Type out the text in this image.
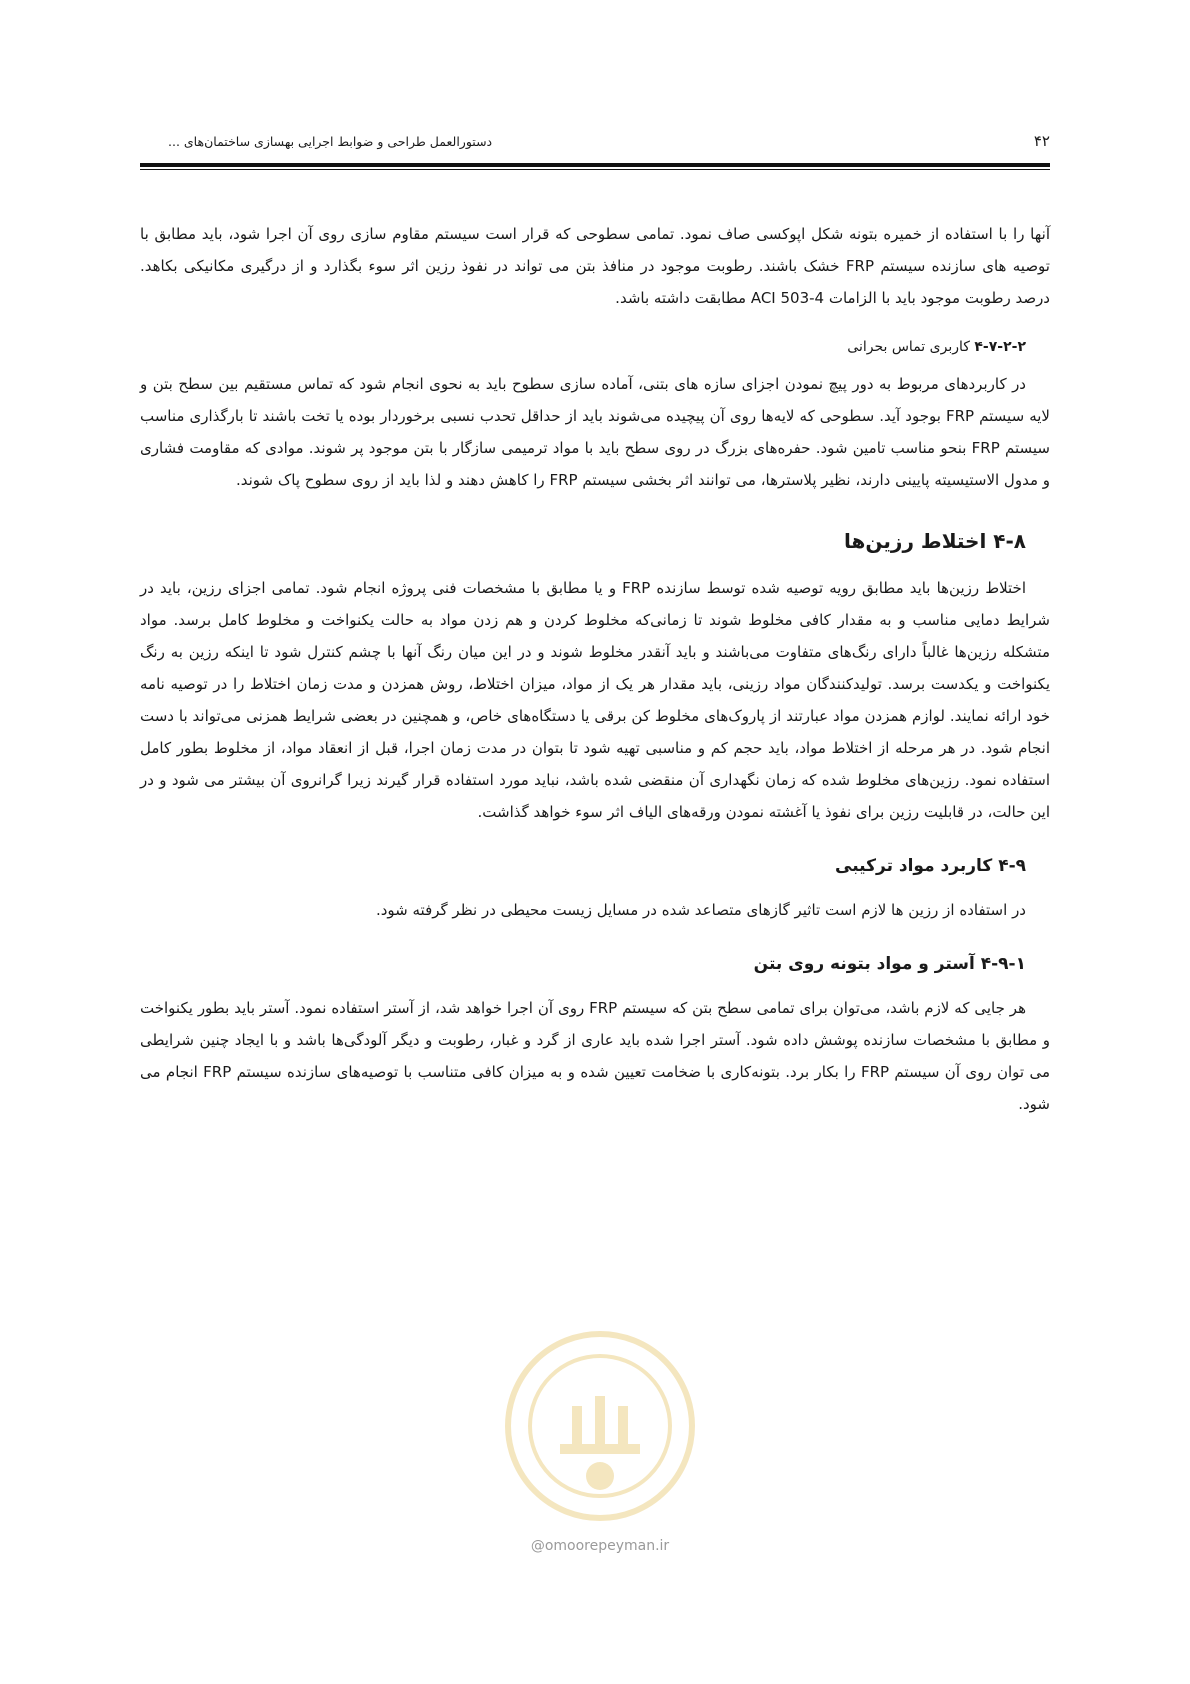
۴۲
دستورالعمل طراحی و ضوابط اجرایی بهسازی ساختمان‌های ...

آنها را با استفاده از خمیره بتونه شکل اپوکسی صاف نمود. تمامی سطوحی که قرار است سیستم مقاوم سازی روی آن اجرا شود، باید مطابق با توصیه های سازنده سیستم FRP خشک باشند. رطوبت موجود در منافذ بتن می تواند در نفوذ رزین اثر سوء بگذارد و از درگیری مکانیکی بکاهد. درصد رطوبت موجود باید با الزامات ACI 503-4 مطابقت داشته باشد.

۴-۷-۲-۲ کاربری تماس بحرانی

در کاربردهای مربوط به دور پیچ نمودن اجزای سازه های بتنی، آماده سازی سطوح باید به نحوی انجام شود که تماس مستقیم بین سطح بتن و لایه سیستم FRP بوجود آید. سطوحی که لایه‌ها روی آن پیچیده می‌شوند باید از حداقل تحدب نسبی برخوردار بوده یا تخت باشند تا بارگذاری مناسب سیستم FRP بنحو مناسب تامین شود. حفره‌های بزرگ در روی سطح باید با مواد ترمیمی سازگار با بتن موجود پر شوند. موادی که مقاومت فشاری و مدول الاستیسیته پایینی دارند، نظیر پلاسترها، می توانند اثر بخشی سیستم FRP را کاهش دهند و لذا باید از روی سطوح پاک شوند.

۴-۸ اختلاط رزین‌ها

اختلاط رزین‌ها باید مطابق رویه توصیه شده توسط سازنده FRP و یا مطابق با مشخصات فنی پروژه انجام شود. تمامی اجزای رزین، باید در شرایط دمایی مناسب و به مقدار کافی مخلوط شوند تا زمانی‌که مخلوط کردن و هم زدن مواد به حالت یکنواخت و مخلوط کامل برسد. مواد متشکله رزین‌ها غالباً دارای رنگ‌های متفاوت می‌باشند و باید آنقدر مخلوط شوند و در این میان رنگ آنها با چشم کنترل شود تا اینکه رزین به رنگ یکنواخت و یکدست برسد. تولیدکنندگان مواد رزینی، باید مقدار هر یک از مواد، میزان اختلاط، روش همزدن و مدت زمان اختلاط را در توصیه نامه خود ارائه نمایند. لوازم همزدن مواد عبارتند از پاروک‌های مخلوط کن برقی یا دستگاه‌های خاص، و همچنین در بعضی شرایط همزنی می‌تواند با دست انجام شود. در هر مرحله از اختلاط مواد، باید حجم کم و مناسبی تهیه شود تا بتوان در مدت زمان اجرا، قبل از انعقاد مواد، از مخلوط بطور کامل استفاده نمود. رزین‌های مخلوط شده که زمان نگهداری آن منقضی شده باشد، نباید مورد استفاده قرار گیرند زیرا گرانروی آن بیشتر می شود و در این حالت، در قابلیت رزین برای نفوذ یا آغشته نمودن ورقه‌های الیاف اثر سوء خواهد گذاشت.

۴-۹ کاربرد مواد ترکیبی

در استفاده از رزین ها لازم است تاثیر گازهای متصاعد شده در مسایل زیست محیطی در نظر گرفته شود.

۴-۹-۱ آستر و مواد بتونه روی بتن

هر جایی که لازم باشد، می‌توان برای تمامی سطح بتن که سیستم FRP روی آن اجرا خواهد شد، از آستر استفاده نمود. آستر باید بطور یکنواخت و مطابق با مشخصات سازنده پوشش داده شود. آستر اجرا شده باید عاری از گرد و غبار، رطوبت و دیگر آلودگی‌ها باشد و با ایجاد چنین شرایطی می توان روی آن سیستم FRP را بکار برد. بتونه‌کاری با ضخامت تعیین شده و به میزان کافی متناسب با توصیه‌های سازنده سیستم FRP انجام می شود.

@omoorepeyman.ir
